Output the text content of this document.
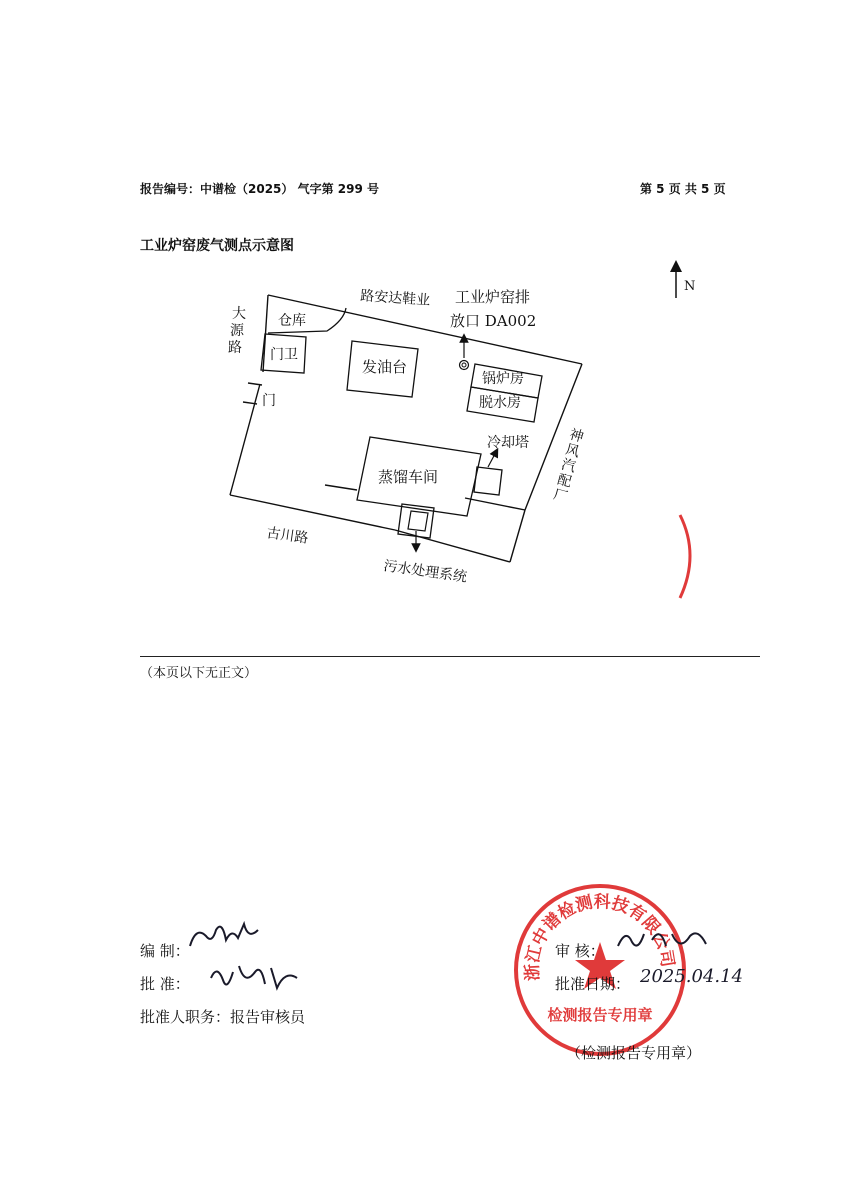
报告编号：中谱检（2025） 气字第 299 号	第 5 页 共 5 页
工业炉窑废气测点示意图
N
仓库
门卫
门
发油台
工业炉窑排
放口 DA002
锅炉房
脱水房
蒸馏车间
冷却塔
污水处理系统
路安达鞋业
古川路
大
源
路
神
风
汽
配
厂
（本页以下无正文）
浙江中谱检测科技有限公司
检测报告专用章
编 制：
批 准：
批准人职务：报告审核员
审 核：
批准日期： 2025.04.14
（检测报告专用章）
